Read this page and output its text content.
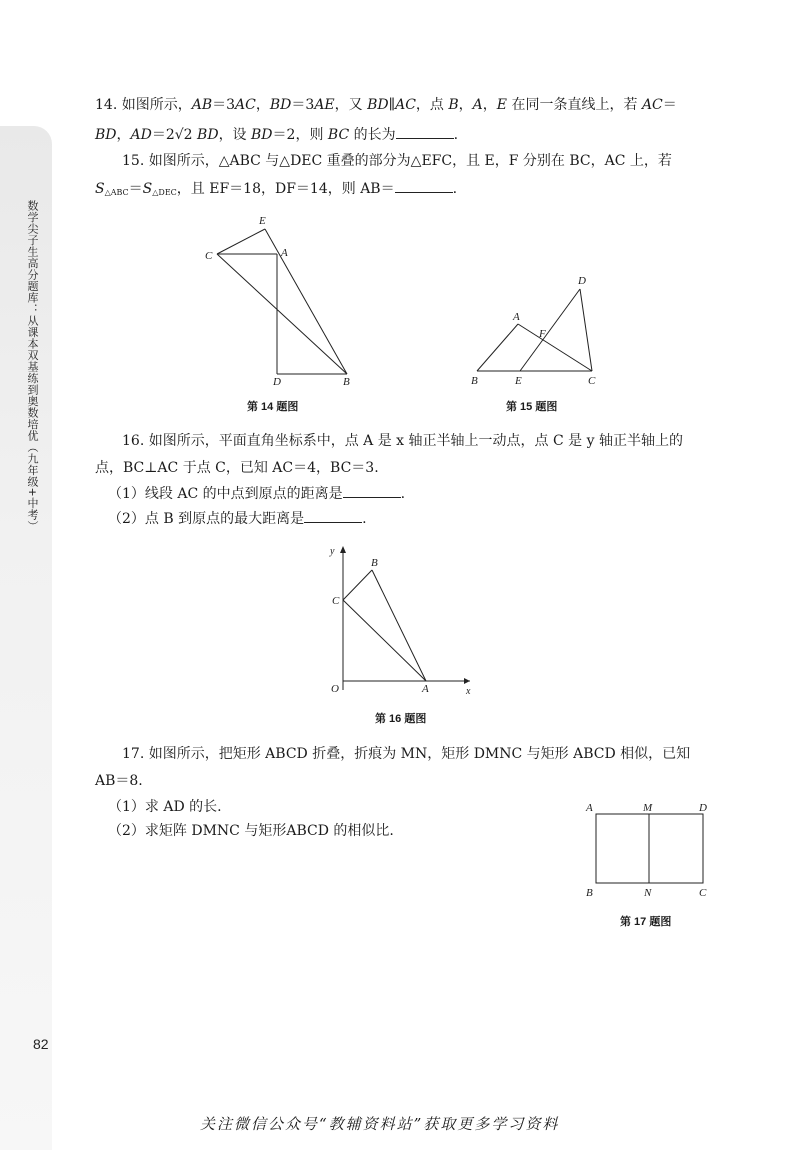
数学尖子生高分题库：从课本双基练到奥数培优（九年级+中考）
82
14. 如图所示，AB＝3AC，BD＝3AE，又 BD∥AC，点 B，A，E 在同一条直线上，若 AC＝
BD，AD＝2√2 BD，设 BD＝2，则 BC 的长为	.
15. 如图所示，△ABC 与△DEC 重叠的部分为△EFC，且 E，F 分别在 BC，AC 上，若
$S_{\triangle ABC}=S_{\triangle DEC}$，且 EF＝18，DF＝14，则 AB＝	.
E
A
C
D	B
第 14 题图
D
A
F
B	E	C
第 15 题图
16. 如图所示，平面直角坐标系中，点 A 是 x 轴正半轴上一动点，点 C 是 y 轴正半轴上的
点，BC⊥AC 于点 C，已知 AC＝4，BC＝3.
（1）线段 AC 的中点到原点的距离是	.
（2）点 B 到原点的最大距离是	.
y
x
O	A
B
C
第 16 题图
17. 如图所示，把矩形 ABCD 折叠，折痕为 MN，矩形 DMNC 与矩形 ABCD 相似，已知
AB＝8.
（1）求 AD 的长.
（2）求矩阵 DMNC 与矩形ABCD 的相似比.
A	M	D
B	N	C
第 17 题图
关注微信公众号“教辅资料站”获取更多学习资料
